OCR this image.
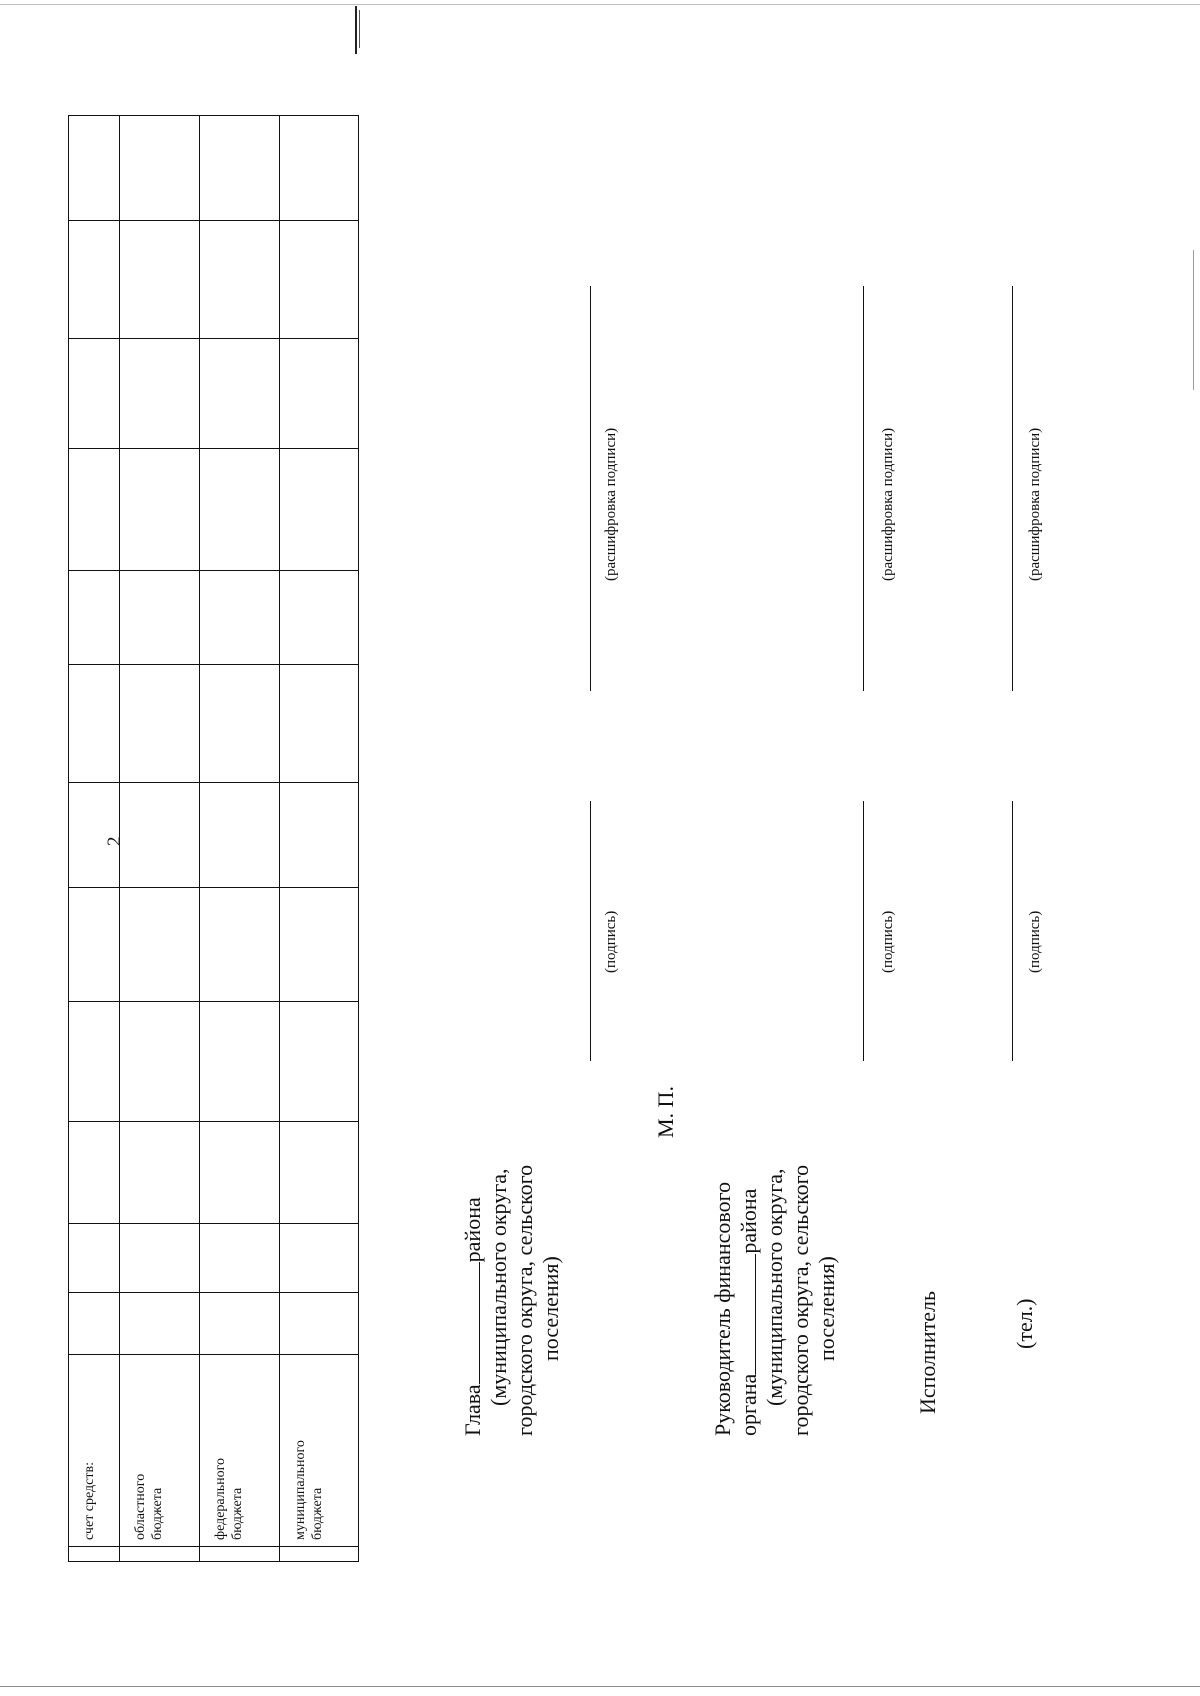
2
	счет средств:												
	областного бюджета												
	федерального бюджета												
	муниципального бюджета												
Главарайона (муниципального округа, городского округа, сельского поселения)
(подпись)
(расшифровка подписи)
М. П.
Руководитель финансового органарайона (муниципального округа, городского округа, сельского поселения)
(подпись)
(расшифровка подписи)
Исполнитель	(тел.)
(подпись)
(расшифровка подписи)
